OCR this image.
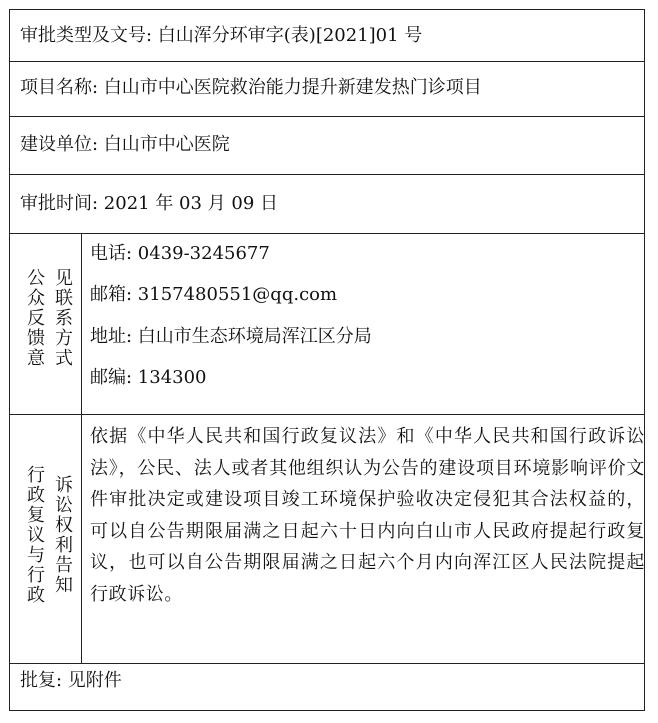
审批类型及文号: 白山浑分环审字(表)[2021]01 号
项目名称: 白山市中心医院救治能力提升新建发热门诊项目
建设单位: 白山市中心医院
审批时间: 2021 年 03 月 09 日
见联系方式
公众反馈意
电话: 0439-3245677
邮箱: 3157480551@qq.com
地址: 白山市生态环境局浑江区分局
邮编: 134300
诉讼权利告知
行政复议与行政
依据《中华人民共和国行政复议法》和《中华人民共和国行政诉讼法》，公民、法人或者其他组织认为公告的建设项目环境影响评价文件审批决定或建设项目竣工环境保护验收决定侵犯其合法权益的，可以自公告期限届满之日起六十日内向白山市人民政府提起行政复议，也可以自公告期限届满之日起六个月内向浑江区人民法院提起行政诉讼。
批复: 见附件
